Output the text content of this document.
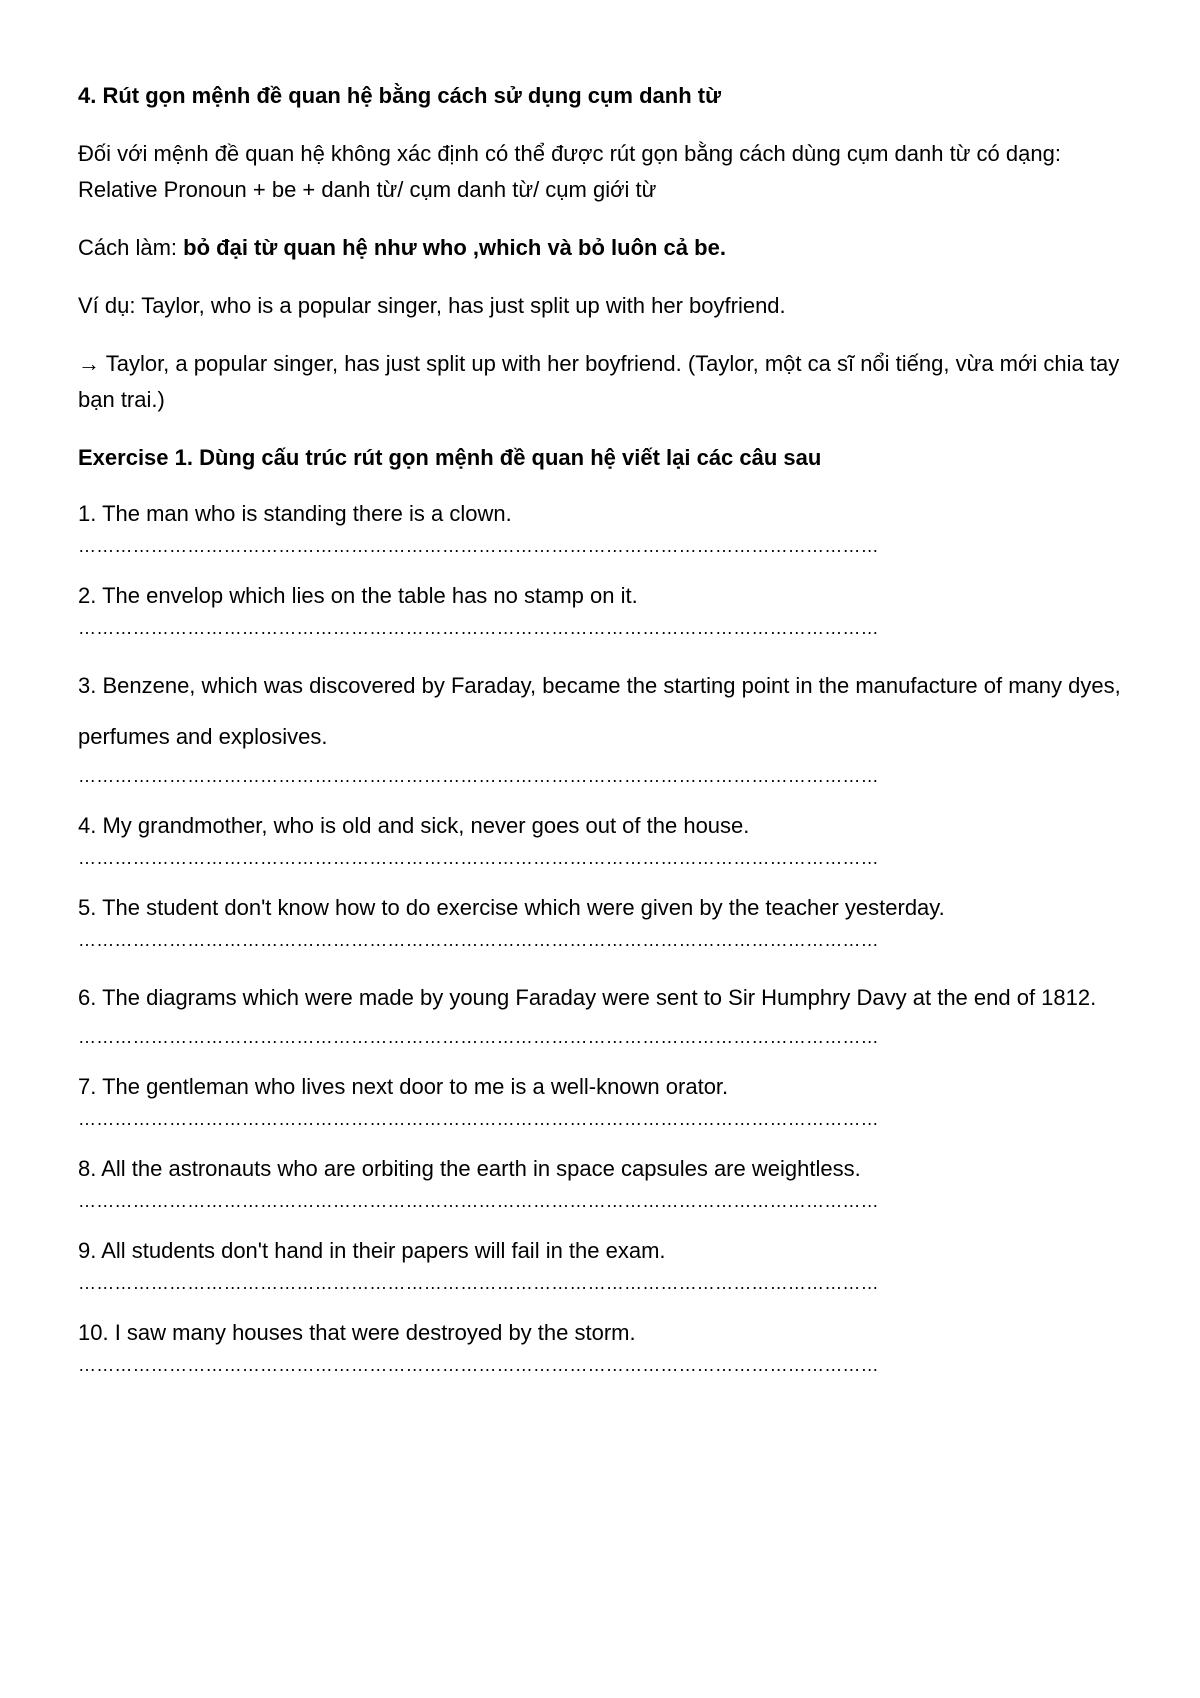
4. Rút gọn mệnh đề quan hệ bằng cách sử dụng cụm danh từ

Đối với mệnh đề quan hệ không xác định có thể được rút gọn bằng cách dùng cụm danh từ có dạng: Relative Pronoun + be + danh từ/ cụm danh từ/ cụm giới từ

Cách làm: bỏ đại từ quan hệ như who ,which và bỏ luôn cả be.

Ví dụ: Taylor, who is a popular singer, has just split up with her boyfriend.

→ Taylor, a popular singer, has just split up with her boyfriend. (Taylor, một ca sĩ nổi tiếng, vừa mới chia tay bạn trai.)

Exercise 1. Dùng cấu trúc rút gọn mệnh đề quan hệ viết lại các câu sau

1. The man who is standing there is a clown.

……………………………………………………………………………………………………………………

2. The envelop which lies on the table has no stamp on it.

……………………………………………………………………………………………………………………

3. Benzene, which was discovered by Faraday, became the starting point in the manufacture of many dyes, perfumes and explosives.

……………………………………………………………………………………………………………………

4. My grandmother, who is old and sick, never goes out of the house.

……………………………………………………………………………………………………………………

5. The student don't know how to do exercise which were given by the teacher yesterday.

……………………………………………………………………………………………………………………

6. The diagrams which were made by young Faraday were sent to Sir Humphry Davy at the end of 1812.

……………………………………………………………………………………………………………………

7. The gentleman who lives next door to me is a well-known orator.

……………………………………………………………………………………………………………………

8. All the astronauts who are orbiting the earth in space capsules are weightless.

……………………………………………………………………………………………………………………

9. All students don't hand in their papers will fail in the exam.

……………………………………………………………………………………………………………………

10. I saw many houses that were destroyed by the storm.

……………………………………………………………………………………………………………………
